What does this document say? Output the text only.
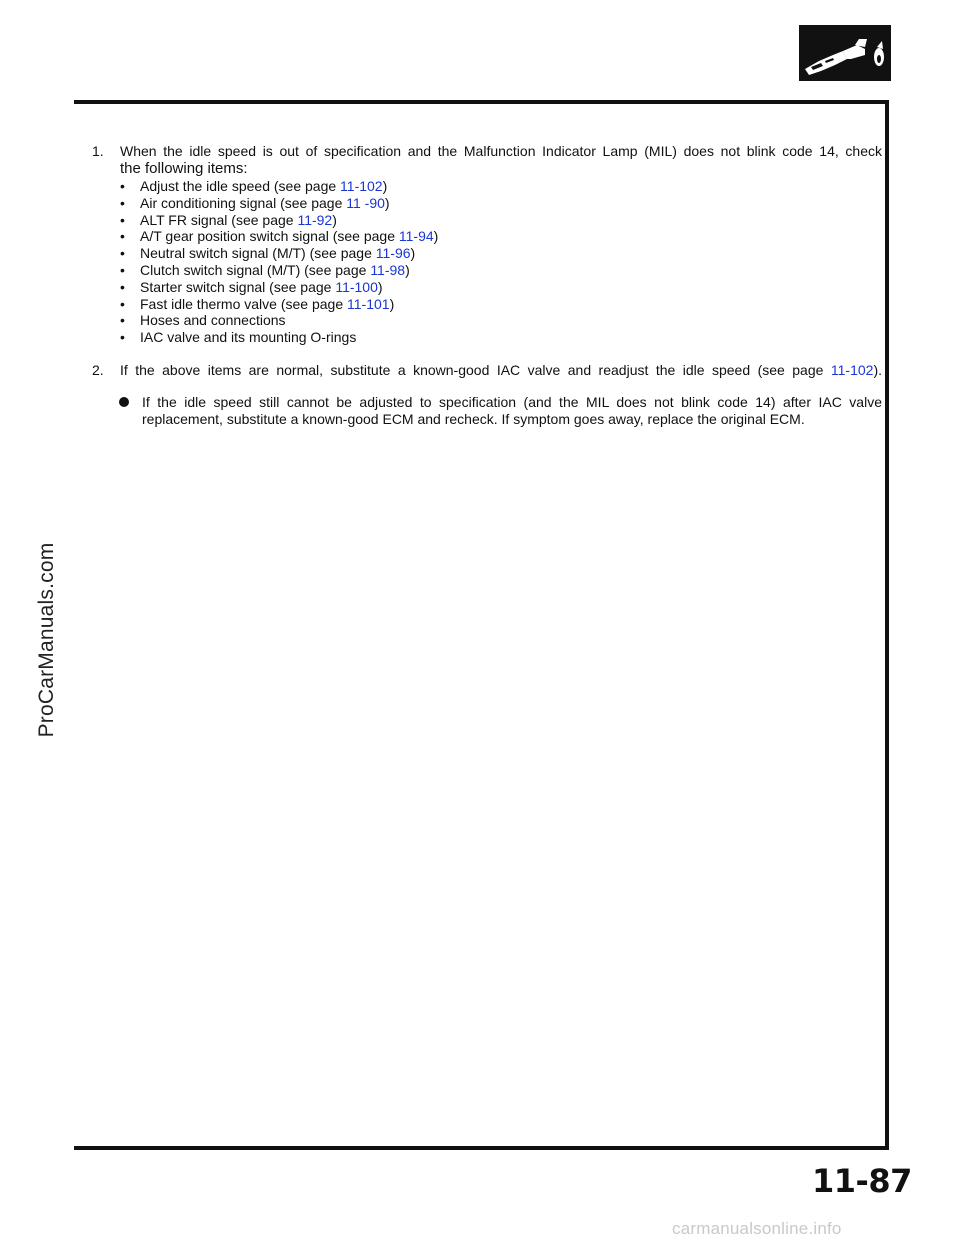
ProCarManuals.com
1. When the idle speed is out of specification and the Malfunction Indicator Lamp (MIL) does not blink code 14, check
the following items:
• Adjust the idle speed (see page 11-102)
• Air conditioning signal (see page 11 -90)
• ALT FR signal (see page 11-92)
• A/T gear position switch signal (see page 11-94)
• Neutral switch signal (M/T) (see page 11-96)
• Clutch switch signal (M/T) (see page 11-98)
• Starter switch signal (see page 11-100)
• Fast idle thermo valve (see page 11-101)
• Hoses and connections
• IAC valve and its mounting O-rings
2. If the above items are normal, substitute a known-good IAC valve and readjust the idle speed (see page 11-102).
If the idle speed still cannot be adjusted to specification (and the MIL does not blink code 14) after IAC valve
replacement, substitute a known-good ECM and recheck. If symptom goes away, replace the original ECM.
11-87
carmanualsonline.info
